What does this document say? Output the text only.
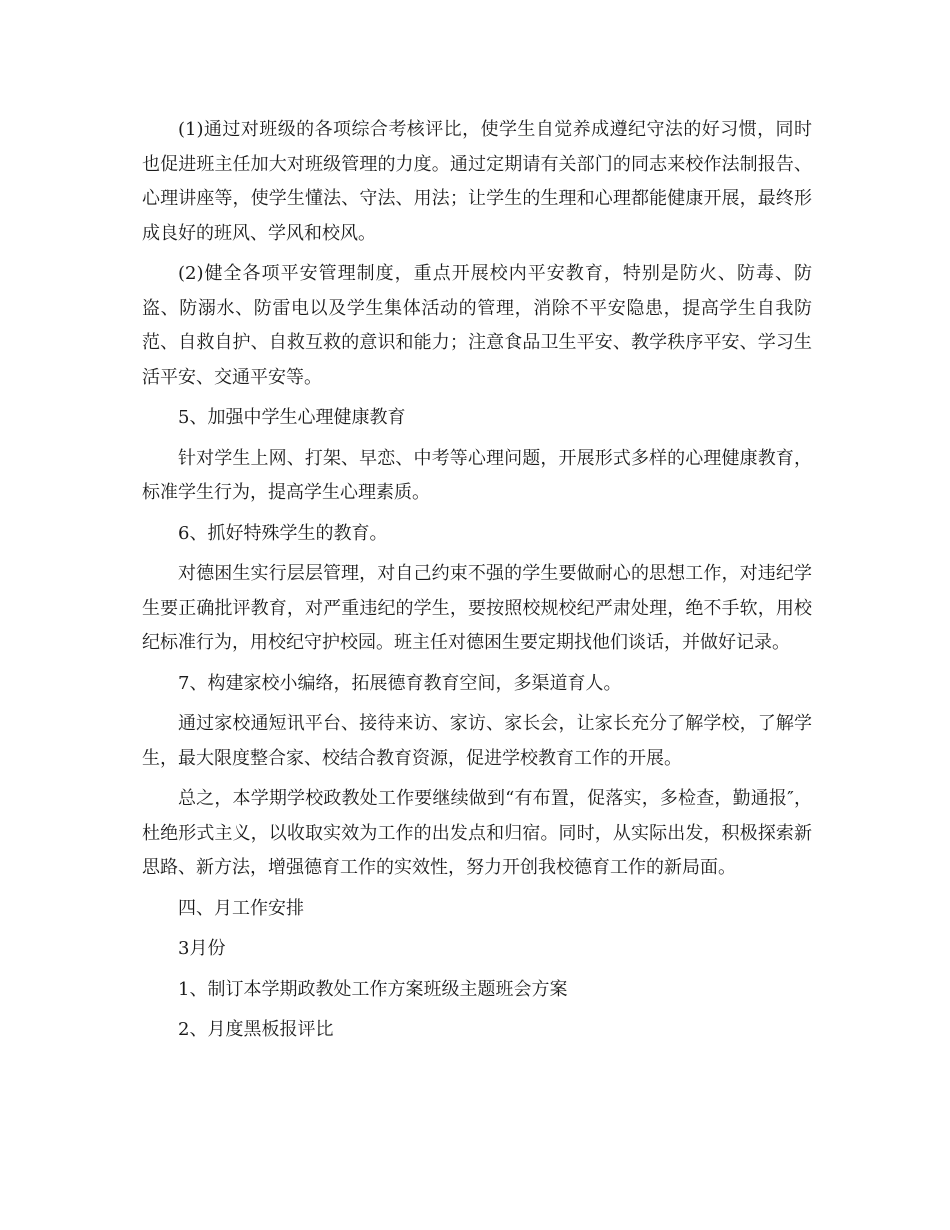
(1)通过对班级的各项综合考核评比，使学生自觉养成遵纪守法的好习惯，同时也促进班主任加大对班级管理的力度。通过定期请有关部门的同志来校作法制报告、心理讲座等，使学生懂法、守法、用法；让学生的生理和心理都能健康开展，最终形成良好的班风、学风和校风。

(2)健全各项平安管理制度，重点开展校内平安教育，特别是防火、防毒、防盗、防溺水、防雷电以及学生集体活动的管理，消除不平安隐患，提高学生自我防范、自救自护、自救互救的意识和能力；注意食品卫生平安、教学秩序平安、学习生活平安、交通平安等。

5、加强中学生心理健康教育

针对学生上网、打架、早恋、中考等心理问题，开展形式多样的心理健康教育，标准学生行为，提高学生心理素质。

6、抓好特殊学生的教育。

对德困生实行层层管理，对自己约束不强的学生要做耐心的思想工作，对违纪学生要正确批评教育，对严重违纪的学生，要按照校规校纪严肃处理，绝不手软，用校纪标准行为，用校纪守护校园。班主任对德困生要定期找他们谈话，并做好记录。

7、构建家校小编络，拓展德育教育空间，多渠道育人。

通过家校通短讯平台、接待来访、家访、家长会，让家长充分了解学校，了解学生，最大限度整合家、校结合教育资源，促进学校教育工作的开展。

总之，本学期学校政教处工作要继续做到“有布置，促落实，多检查，勤通报″，杜绝形式主义，以收取实效为工作的出发点和归宿。同时，从实际出发，积极探索新思路、新方法，增强德育工作的实效性，努力开创我校德育工作的新局面。

四、月工作安排

3月份

1、制订本学期政教处工作方案班级主题班会方案

2、月度黑板报评比
